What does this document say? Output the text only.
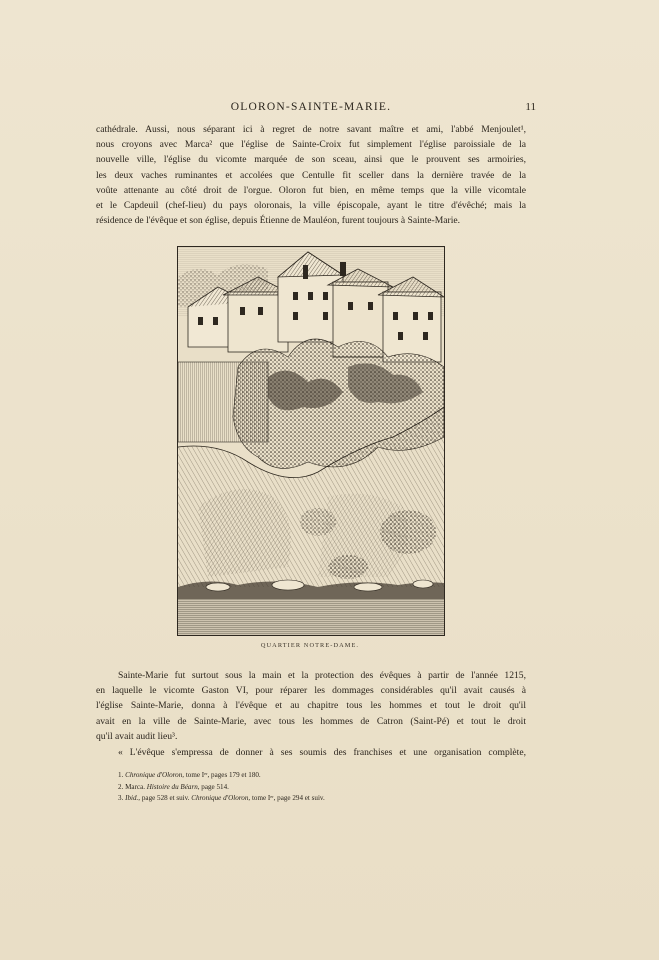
OLORON-SAINTE-MARIE.	11
cathédrale. Aussi, nous séparant ici à regret de notre savant maître et ami, l'abbé Menjoulet¹,
nous croyons avec Marca² que l'église de Sainte-Croix fut simplement l'église paroissiale de la
nouvelle ville, l'église du vicomte marquée de son sceau, ainsi que le prouvent ses armoiries,
les deux vaches ruminantes et accolées que Centulle fit sceller dans la dernière travée de la
voûte attenante au côté droit de l'orgue. Oloron fut bien, en même temps que la ville vicomtale
et le Capdeuil (chef-lieu) du pays oloronais, la ville épiscopale, ayant le titre d'évêché; mais la
résidence de l'évêque et son église, depuis Étienne de Mauléon, furent toujours à Sainte-Marie.
QUARTIER NOTRE-DAME.
Sainte-Marie fut surtout sous la main et la protection des évêques à partir de l'année 1215,
en laquelle le vicomte Gaston VI, pour réparer les dommages considérables qu'il avait causés à
l'église Sainte-Marie, donna à l'évêque et au chapitre tous les hommes et tout le droit qu'il
avait en la ville de Sainte-Marie, avec tous les hommes de Catron (Saint-Pé) et tout le droit
qu'il avait audit lieu³.
« L'évêque s'empressa de donner à ses soumis des franchises et une organisation complète,
1. Chronique d'Oloron, tome Iᵉʳ, pages 179 et 180.
2. Marca. Histoire du Béarn, page 514.
3. Ibid., page 528 et suiv. Chronique d'Oloron, tome Iᵉʳ, page 294 et suiv.
